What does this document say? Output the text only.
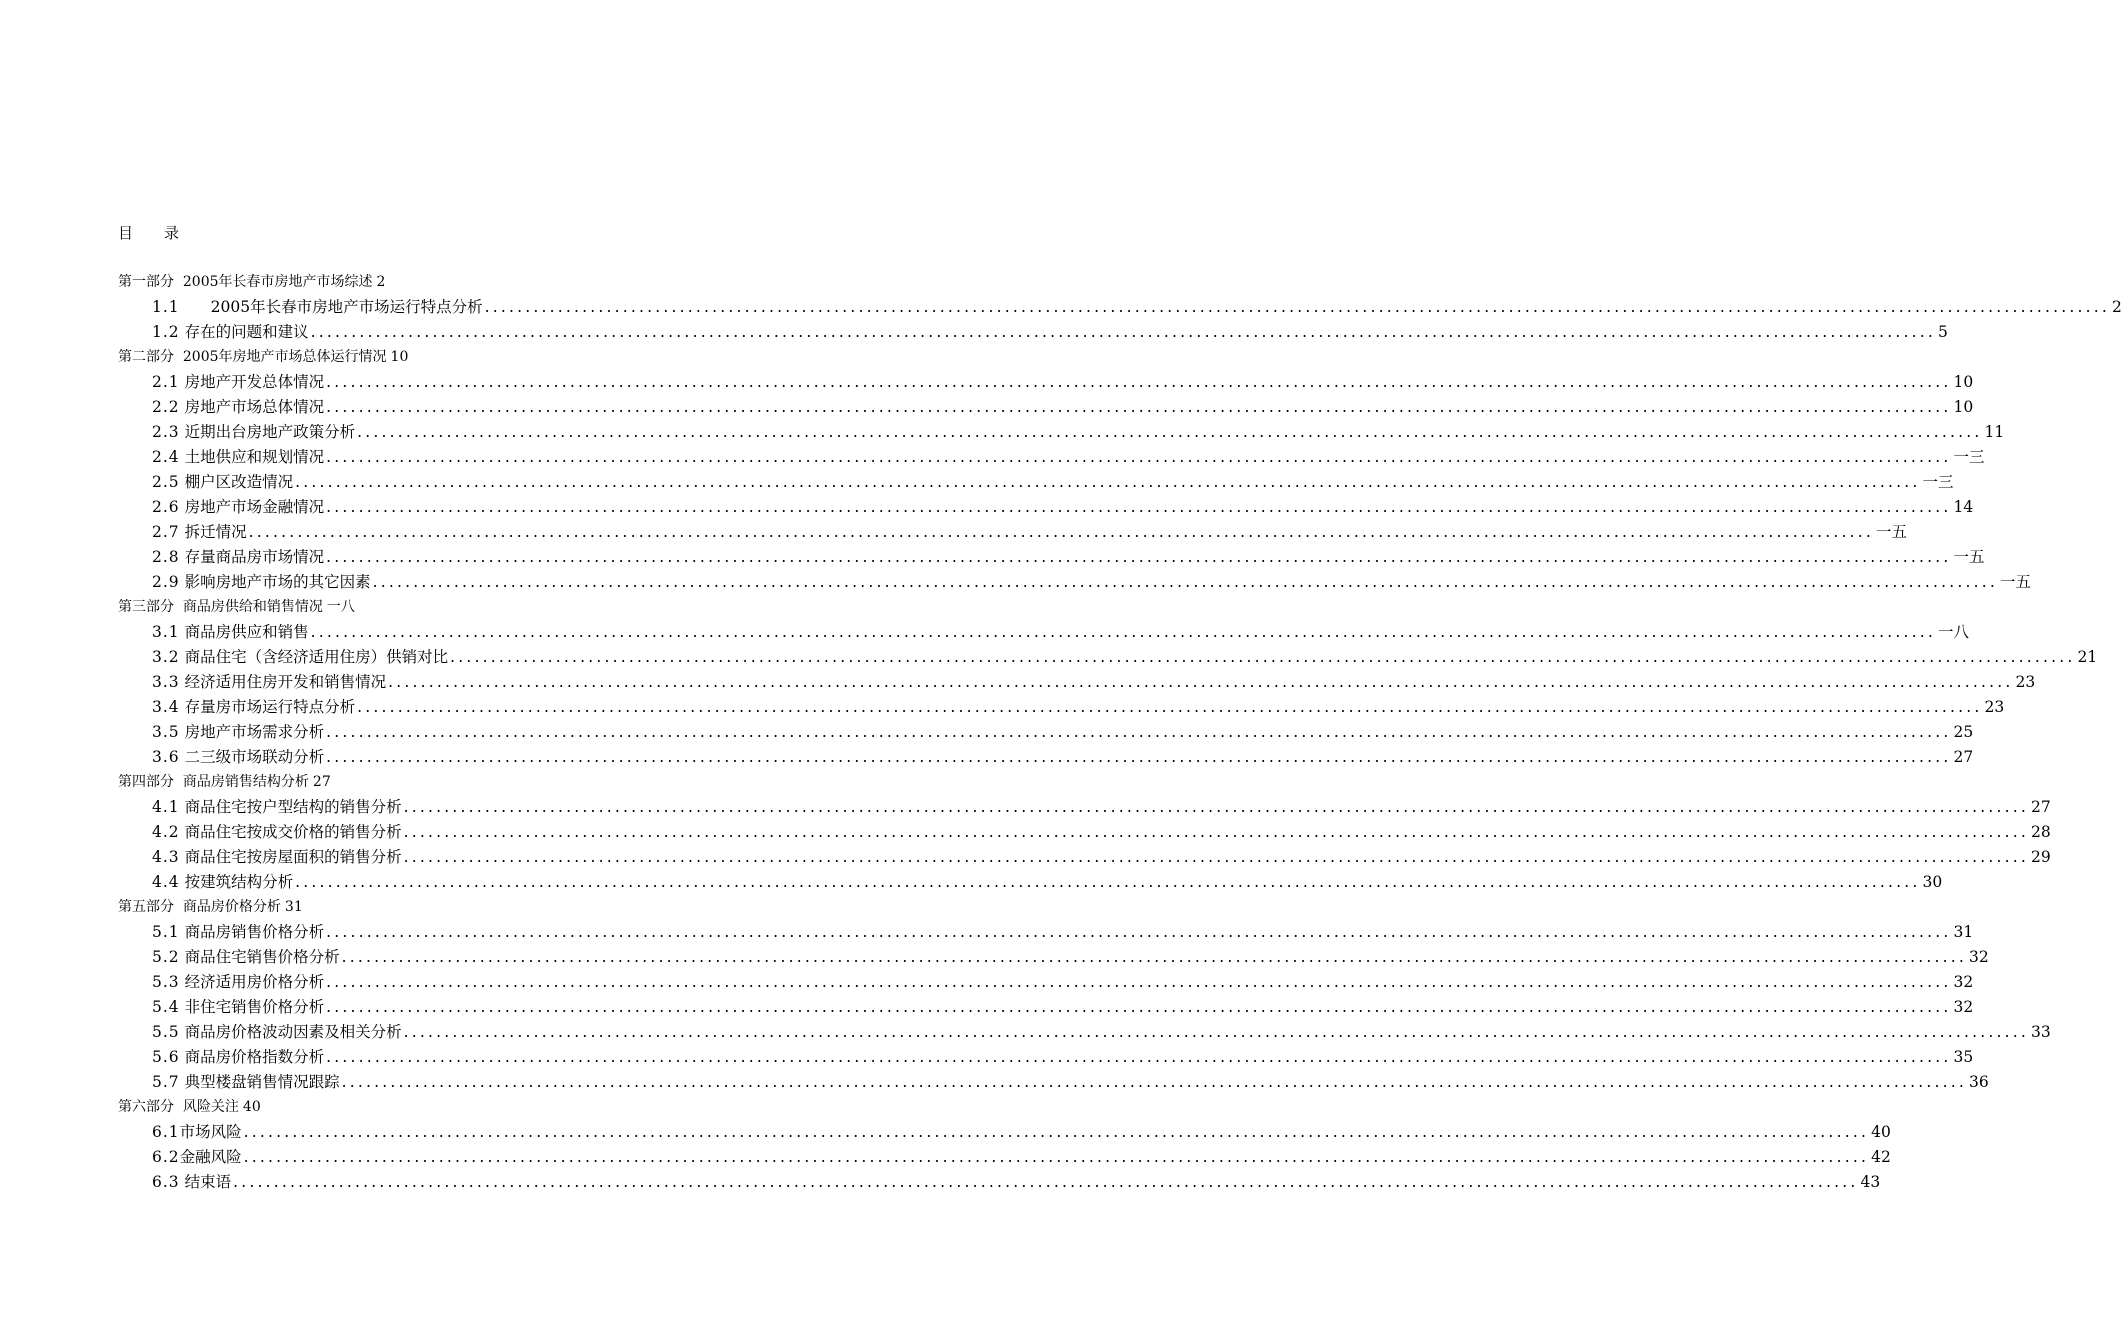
目　录
第一部分  2005年长春市房地产市场综述 2
1.1 　　2005年长春市房地产市场运行特点分析 ........................................................................................................................................................................................................ 2
1.2 存在的问题和建议 ........................................................................................................................................................................................................ 5
第二部分  2005年房地产市场总体运行情况 10
2.1 房地产开发总体情况 ........................................................................................................................................................................................................ 10
2.2 房地产市场总体情况 ........................................................................................................................................................................................................ 10
2.3 近期出台房地产政策分析 ........................................................................................................................................................................................................ 11
2.4 土地供应和规划情况 ........................................................................................................................................................................................................ 一三
2.5 棚户区改造情况 ........................................................................................................................................................................................................ 一三
2.6 房地产市场金融情况 ........................................................................................................................................................................................................ 14
2.7 拆迁情况 ........................................................................................................................................................................................................ 一五
2.8 存量商品房市场情况 ........................................................................................................................................................................................................ 一五
2.9 影响房地产市场的其它因素 ........................................................................................................................................................................................................ 一五
第三部分  商品房供给和销售情况 一八
3.1 商品房供应和销售 ........................................................................................................................................................................................................ 一八
3.2 商品住宅（含经济适用住房）供销对比 ........................................................................................................................................................................................................ 21
3.3 经济适用住房开发和销售情况 ........................................................................................................................................................................................................ 23
3.4 存量房市场运行特点分析 ........................................................................................................................................................................................................ 23
3.5 房地产市场需求分析 ........................................................................................................................................................................................................ 25
3.6 二三级市场联动分析 ........................................................................................................................................................................................................ 27
第四部分  商品房销售结构分析 27
4.1 商品住宅按户型结构的销售分析 ........................................................................................................................................................................................................ 27
4.2 商品住宅按成交价格的销售分析 ........................................................................................................................................................................................................ 28
4.3 商品住宅按房屋面积的销售分析 ........................................................................................................................................................................................................ 29
4.4 按建筑结构分析 ........................................................................................................................................................................................................ 30
第五部分  商品房价格分析 31
5.1 商品房销售价格分析 ........................................................................................................................................................................................................ 31
5.2 商品住宅销售价格分析 ........................................................................................................................................................................................................ 32
5.3 经济适用房价格分析 ........................................................................................................................................................................................................ 32
5.4 非住宅销售价格分析 ........................................................................................................................................................................................................ 32
5.5 商品房价格波动因素及相关分析 ........................................................................................................................................................................................................ 33
5.6 商品房价格指数分析 ........................................................................................................................................................................................................ 35
5.7 典型楼盘销售情况跟踪 ........................................................................................................................................................................................................ 36
第六部分  风险关注 40
6.1 市场风险 ........................................................................................................................................................................................................ 40
6.2 金融风险 ........................................................................................................................................................................................................ 42
6.3 结束语 ........................................................................................................................................................................................................ 43
